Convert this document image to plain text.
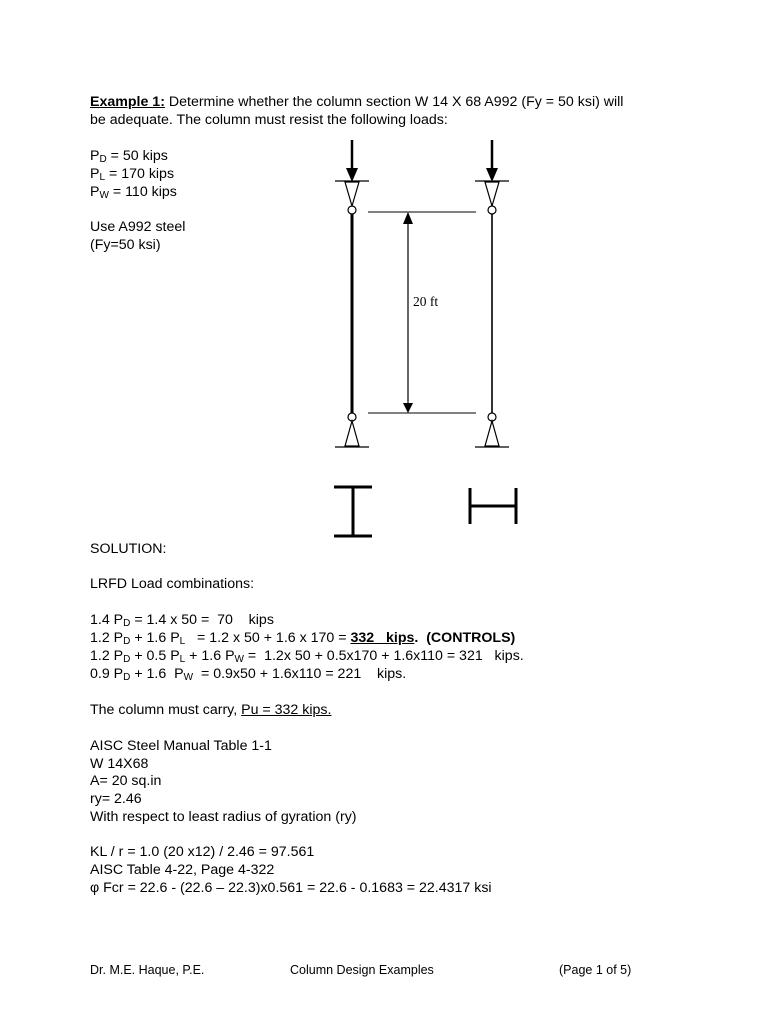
Example 1: Determine whether the column section W 14 X 68 A992 (Fy = 50 ksi) will
be adequate. The column must resist the following loads:
$P_D = 50$ kips
$P_L = 170$ kips
$P_W = 110$ kips
Use A992 steel
(Fy=50 ksi)
20 ft
SOLUTION:
LRFD Load combinations:
1.4 $P_D = 1.4$ x 50 =  70    kips
1.2 $P_D + 1.6$ $P_L = 1.2$ x 50 + 1.6 x 170 = 332   kips.  (CONTROLS)
1.2 $P_D + 0.5$ $P_L + 1.6$ $P_W = 1.2x$ 50 + 0.5x170 + 1.6x110 = 321   kips.
0.9 $P_D + 1.6$  $P_W = 0.9x50 + 1.6x110 = 221$    kips.
The column must carry, Pu = 332 kips.
AISC Steel Manual Table 1-1
W 14X68
A= 20 sq.in
ry= 2.46
With respect to least radius of gyration (ry)
KL / r = 1.0 (20 x12) / 2.46 = 97.561
AISC Table 4-22, Page 4-322
φ Fcr = 22.6 - (22.6 – 22.3)x0.561 = 22.6 - 0.1683 = 22.4317 ksi
Dr. M.E. Haque, P.E.	Column Design Examples	(Page 1 of 5)
